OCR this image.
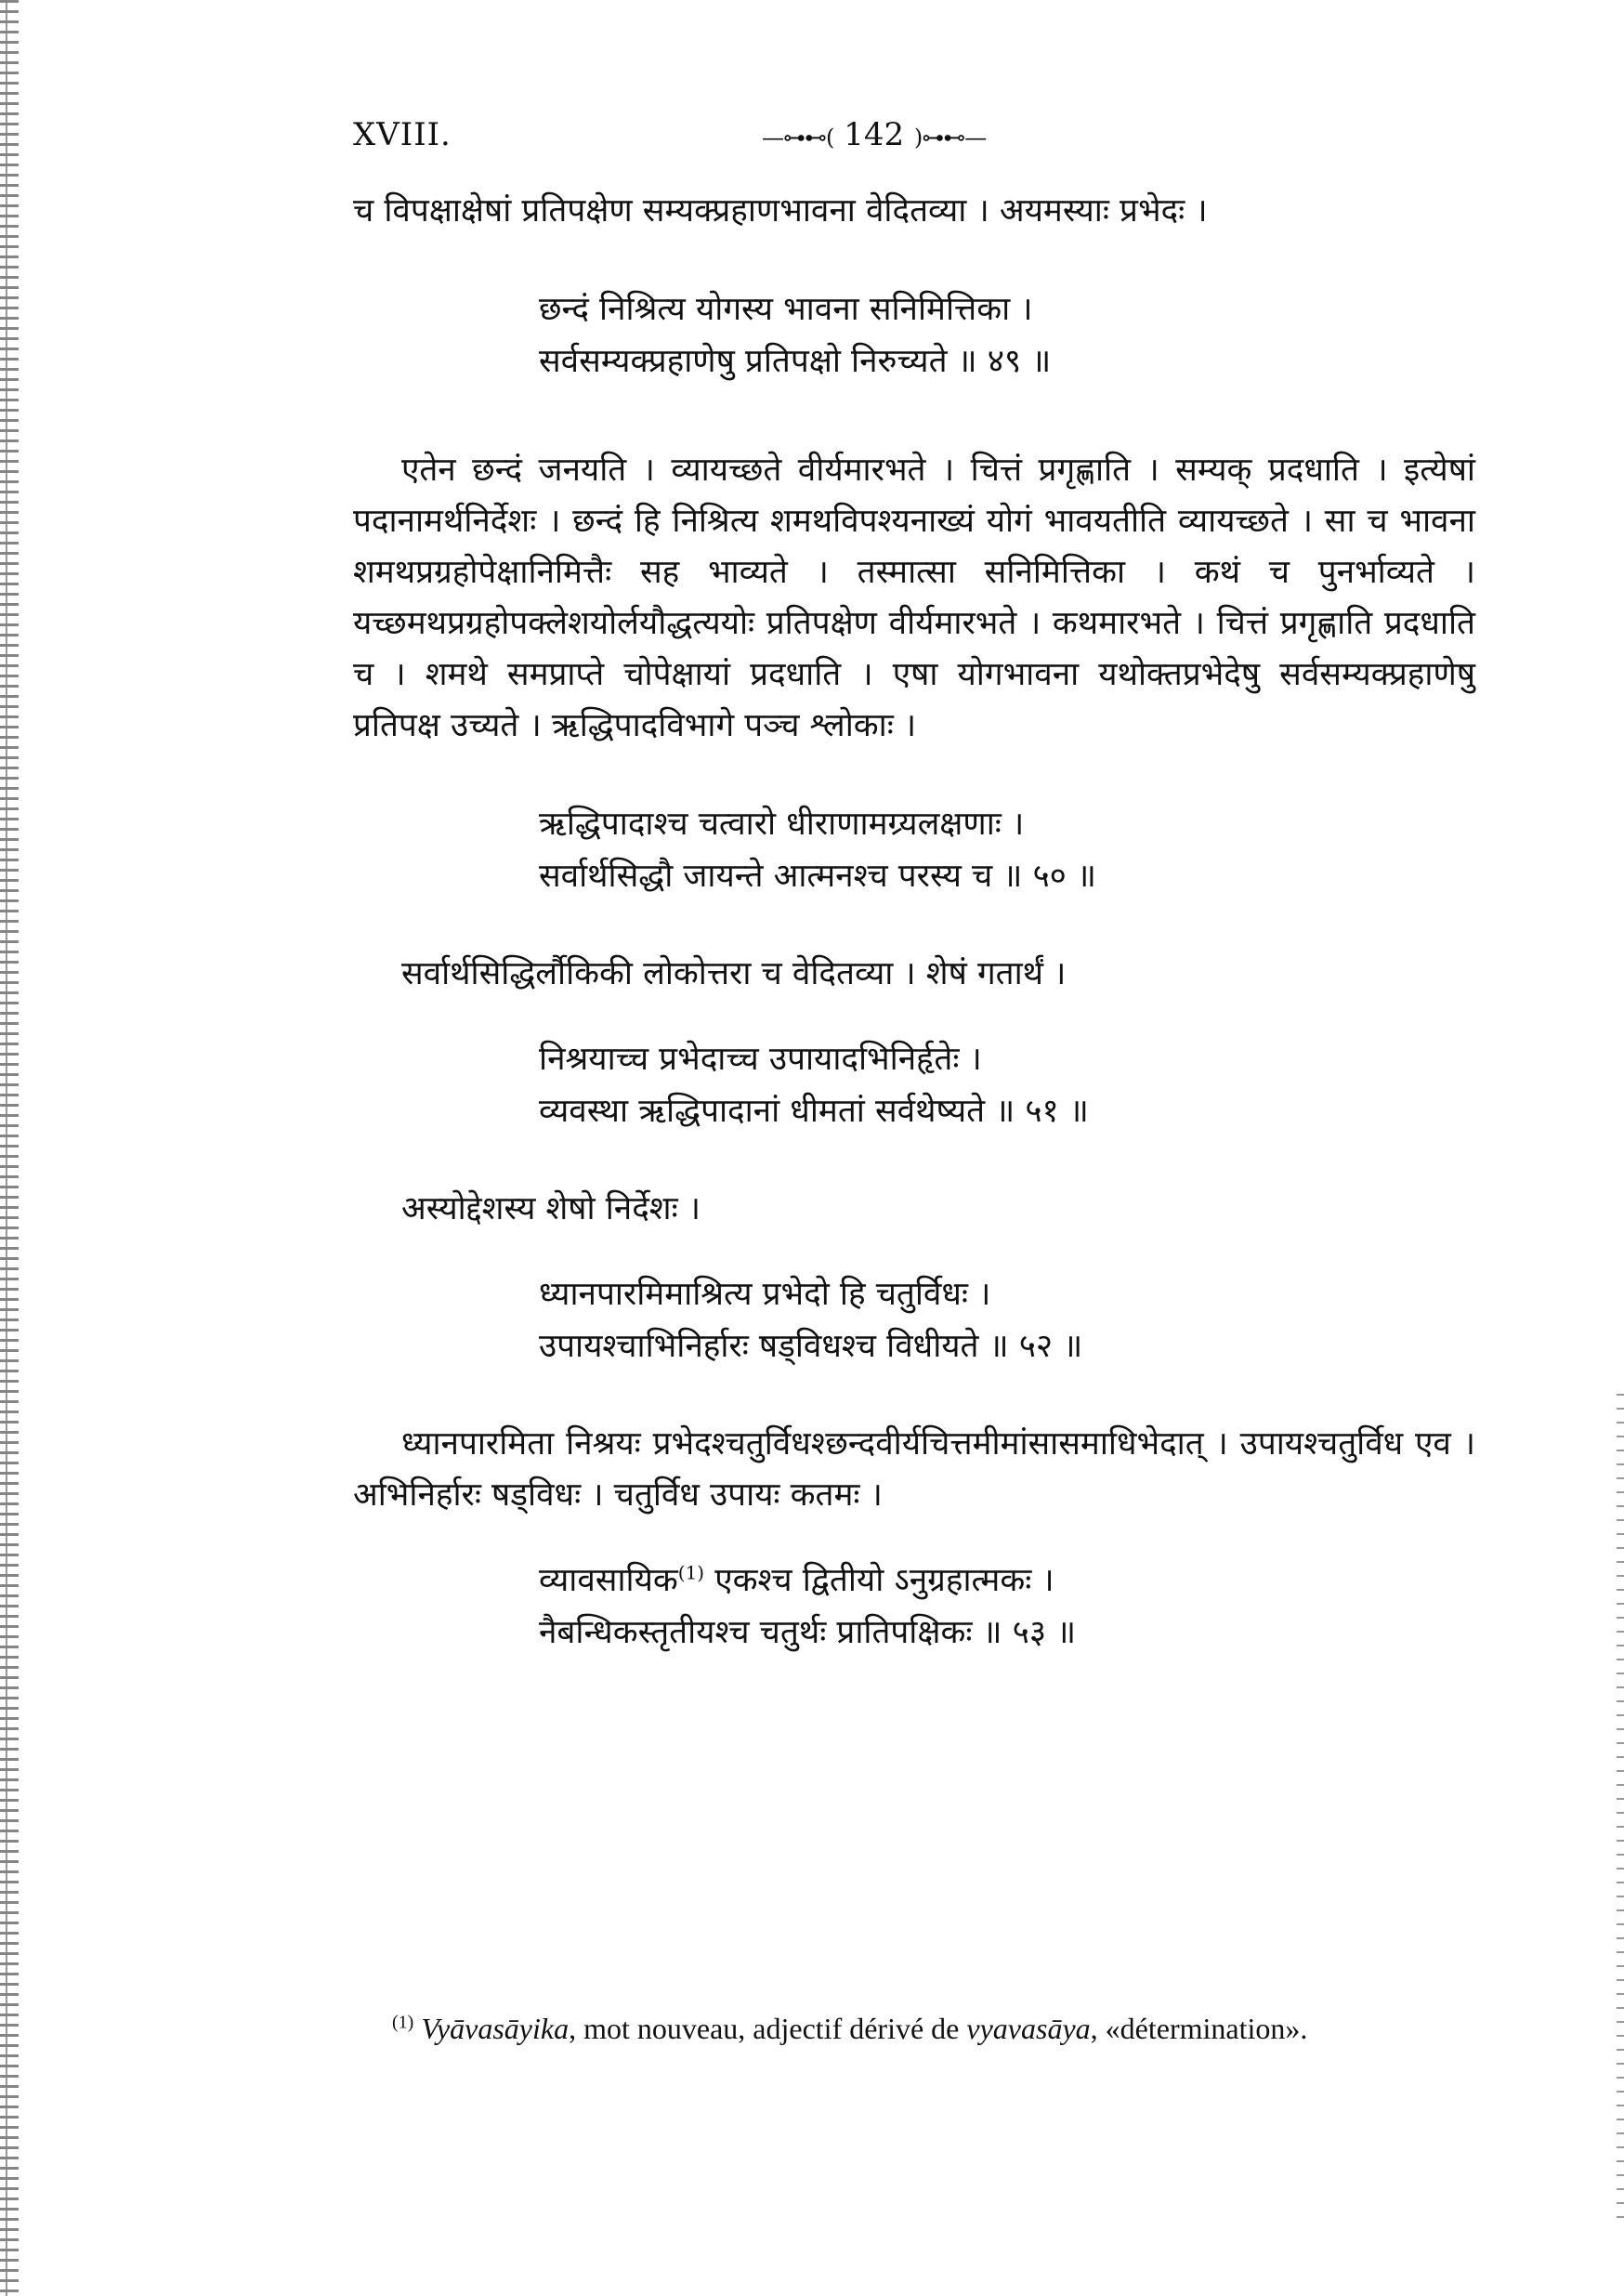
XVIII.	—⊶⊷( 142 )⊶⊷—

च विपक्षाक्षेषां प्रतिपक्षेण सम्यक्प्रहाणभावना वेदितव्या । अयमस्याः प्रभेदः ।

छन्दं निश्रित्य योगस्य भावना सनिमित्तिका ।
सर्वसम्यक्प्रहाणेषु प्रतिपक्षो निरुच्यते ॥ ४९ ॥

एतेन छन्दं जनयति । व्यायच्छते वीर्यमारभते । चित्तं प्रगृह्णाति । सम्यक् प्रदधाति । इत्येषां पदानामर्थनिर्देशः । छन्दं हि निश्रित्य शमथविपश्यनाख्यं योगं भावयतीति व्यायच्छते । सा च भावना शमथप्रग्रहोपेक्षानिमित्तैः सह भाव्यते । तस्मात्सा सनिमित्तिका । कथं च पुनर्भाव्यते । यच्छमथप्रग्रहोपक्लेशयोर्लयौद्धत्ययोः प्रतिपक्षेण वीर्यमारभते । कथमारभते । चित्तं प्रगृह्णाति प्रदधाति च । शमथे समप्राप्ते चोपेक्षायां प्रदधाति । एषा योगभावना यथोक्तप्रभेदेषु सर्वसम्यक्प्रहाणेषु प्रतिपक्ष उच्यते । ऋद्धिपादविभागे पञ्च श्लोकाः ।

ऋद्धिपादाश्च चत्वारो धीराणामग्र्यलक्षणाः ।
सर्वार्थसिद्धौ जायन्ते आत्मनश्च परस्य च ॥ ५० ॥

सर्वार्थसिद्धिर्लौकिकी लोकोत्तरा च वेदितव्या । शेषं गतार्थं ।

निश्रयाच्च प्रभेदाच्च उपायादभिनिर्हृतेः ।
व्यवस्था ऋद्धिपादानां धीमतां सर्वथेष्यते ॥ ५१ ॥

अस्योद्देशस्य शेषो निर्देशः ।

ध्यानपारमिमाश्रित्य प्रभेदो हि चतुर्विधः ।
उपायश्चाभिनिर्हारः षड्विधश्च विधीयते ॥ ५२ ॥

ध्यानपारमिता निश्रयः प्रभेदश्चतुर्विधश्छन्दवीर्यचित्तमीमांसासमाधिभेदात् । उपायश्चतुर्विध एव । अभिनिर्हारः षड्विधः । चतुर्विध उपायः कतमः ।

व्यावसायिक$^{(1)}$ एकश्च द्वितीयो ऽनुग्रहात्मकः ।
नैबन्धिकस्तृतीयश्च चतुर्थः प्रातिपक्षिकः ॥ ५३ ॥
$^{(1)}$ Vyāvasāyika, mot nouveau, adjectif dérivé de vyavasāya, «détermination».
